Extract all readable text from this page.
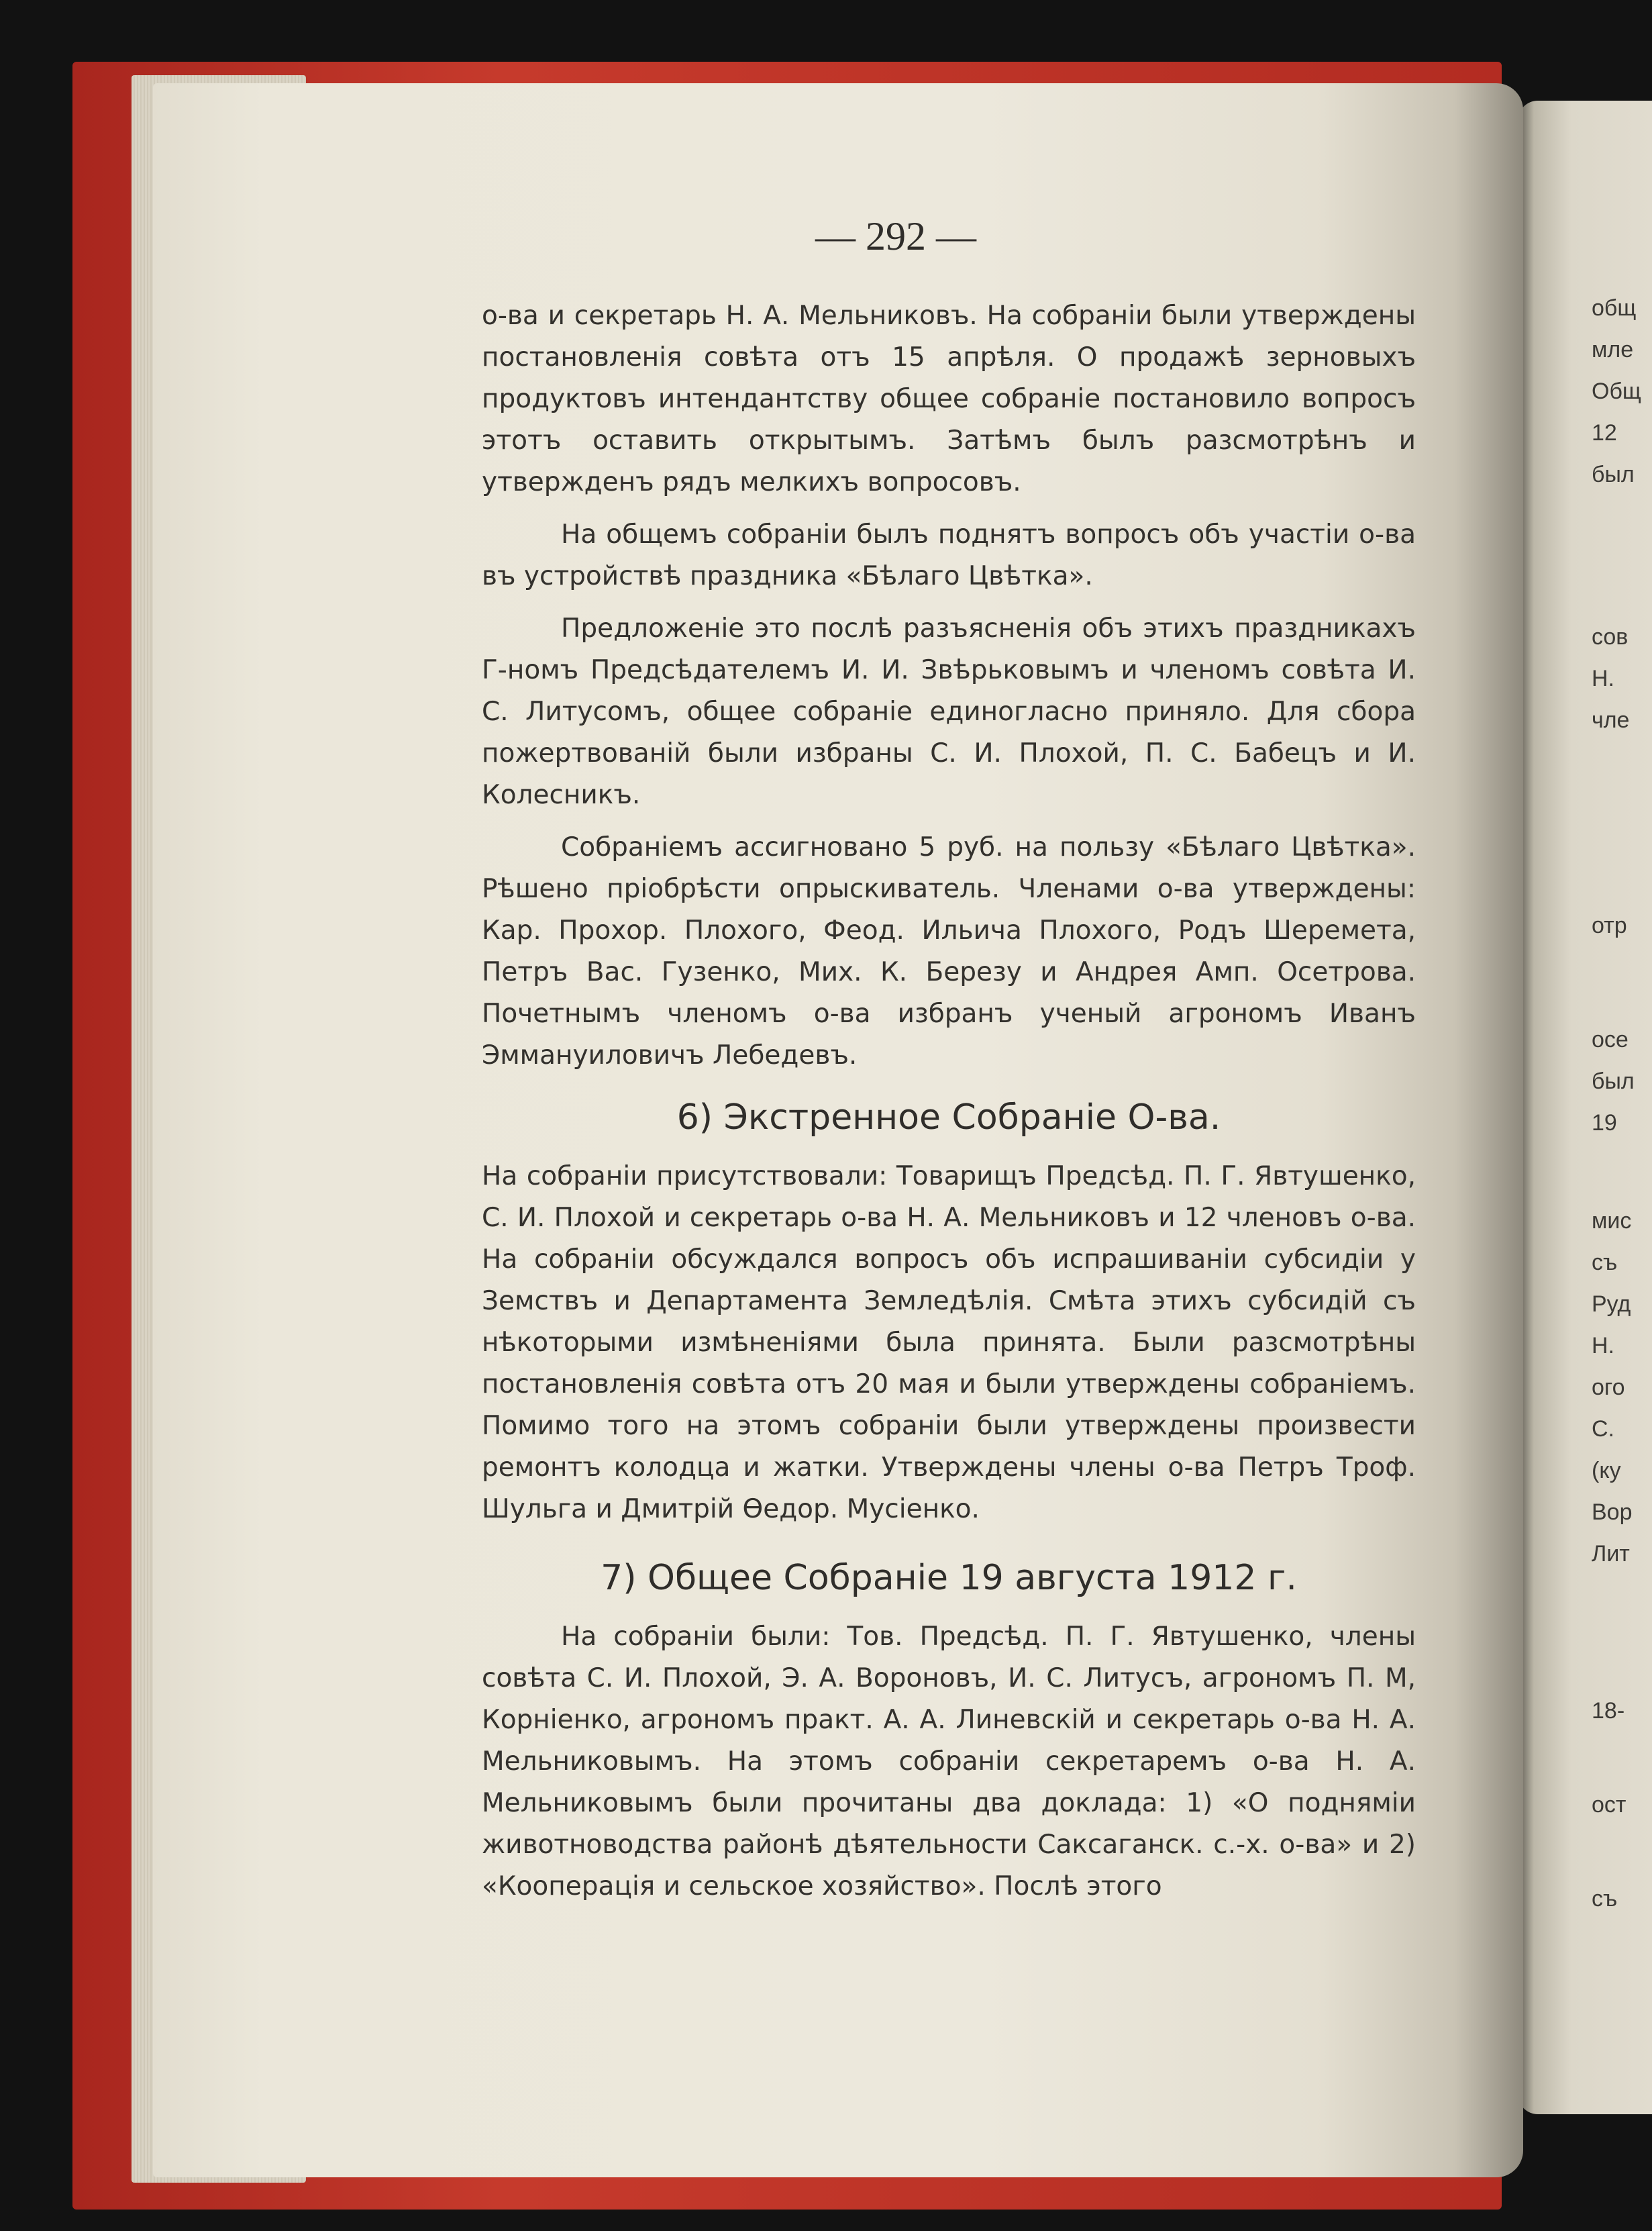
общ
мле
Общ
12
был
сов
Н.
чле
отр
осе
был
19
мис
съ
Руд
Н.
ого
С.
(ку
Вор
Лит
18-
ост
съ
— 292 —

о-ва и секретарь Н. А. Мельниковъ. На собраніи были утверждены постановленія совѣта отъ 15 апрѣля. О продажѣ зерновыхъ продуктовъ интендантству общее собраніе постановило вопросъ этотъ оставить открытымъ. Затѣмъ былъ разсмотрѣнъ и утвержденъ рядъ мелкихъ вопросовъ.

На общемъ собраніи былъ поднятъ вопросъ объ участіи о-ва въ устройствѣ праздника «Бѣлаго Цвѣтка».

Предложеніе это послѣ разъясненія объ этихъ праздникахъ Г-номъ Предсѣдателемъ И. И. Звѣрьковымъ и членомъ совѣта И. С. Литусомъ, общее собраніе единогласно приняло. Для сбора пожертвованій были избраны С. И. Плохой, П. С. Бабецъ и И. Колесникъ.

Собраніемъ ассигновано 5 руб. на пользу «Бѣлаго Цвѣтка». Рѣшено пріобрѣсти опрыскиватель. Членами о-ва утверждены: Кар. Прохор. Плохого, Феод. Ильича Плохого, Родъ Шеремета, Петръ Вас. Гузенко, Мих. К. Березу и Андрея Амп. Осетрова. Почетнымъ членомъ о-ва избранъ ученый агрономъ Иванъ Эммануиловичъ Лебедевъ.

6) Экстренное Собраніе О-ва.

На собраніи присутствовали: Товарищъ Предсѣд. П. Г. Явтушенко, С. И. Плохой и секретарь о-ва Н. А. Мельниковъ и 12 членовъ о-ва. На собраніи обсуждался вопросъ объ испрашиваніи субсидіи у Земствъ и Департамента Земледѣлія. Смѣта этихъ субсидій съ нѣкоторыми измѣненіями была принята. Были разсмотрѣны постановленія совѣта отъ 20 мая и были утверждены собраніемъ. Помимо того на этомъ собраніи были утверждены произвести ремонтъ колодца и жатки. Утверждены члены о-ва Петръ Троф. Шульга и Дмитрій Өедор. Мусіенко.

7) Общее Собраніе 19 августа 1912 г.

На собраніи были: Тов. Предсѣд. П. Г. Явтушенко, члены совѣта С. И. Плохой, Э. А. Вороновъ, И. С. Литусъ, агрономъ П. М, Корніенко, агрономъ практ. А. А. Линевскій и секретарь о-ва Н. А. Мельниковымъ. На этомъ собраніи секретаремъ о-ва Н. А. Мельниковымъ были прочитаны два доклада: 1) «О подняміи животноводства районѣ дѣятельности Саксаганск. с.-х. о-ва» и 2) «Кооперація и сельское хозяйство». Послѣ этого
